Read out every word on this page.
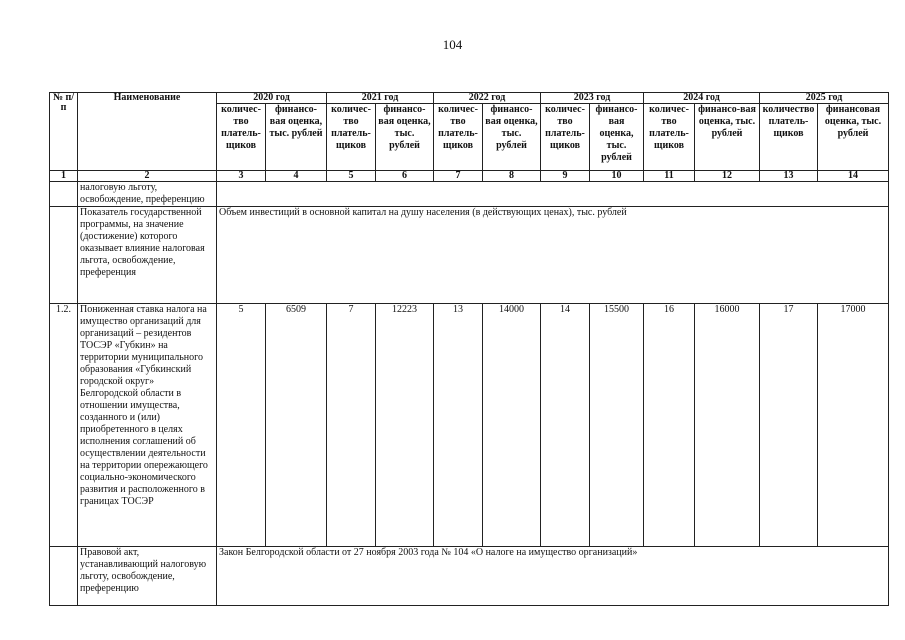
104
№ п/п	Наименование	2020 год		2021 год		2022 год		2023 год		2024 год		2025 год	
		количес-тво платель-щиков	финансо-вая оценка, тыс. рублей	количес-тво платель-щиков	финансо-вая оценка, тыс. рублей	количес-тво платель-щиков	финансо-вая оценка, тыс. рублей	количес-тво платель-щиков	финансо-вая оценка, тыс. рублей	количес-тво платель-щиков	финансо-вая оценка, тыс. рублей	количество платель-щиков	финансовая оценка, тыс. рублей
1	2	3	4	5	6	7	8	9	10	11	12	13	14
	налоговую льготу, освобождение, преференцию												
	Показатель государственной программы, на значение (достижение) которого оказывает влияние налоговая льгота, освобождение, преференция	Объем инвестиций в основной капитал на душу населения (в действующих ценах), тыс. рублей											
1.2.	Пониженная ставка налога на имущество организаций для организаций – резидентов ТОСЭР «Губкин» на территории муниципального образования «Губкинский городской округ» Белгородской области в отношении имущества, созданного и (или) приобретенного в целях исполнения соглашений об осуществлении деятельности на территории опережающего социально-экономического развития и расположенного в границах ТОСЭР	5	6509	7	12223	13	14000	14	15500	16	16000	17	17000
	Правовой акт, устанавливающий налоговую льготу, освобождение, преференцию	Закон Белгородской области от 27 ноября 2003 года № 104 «О налоге на имущество организаций»											
